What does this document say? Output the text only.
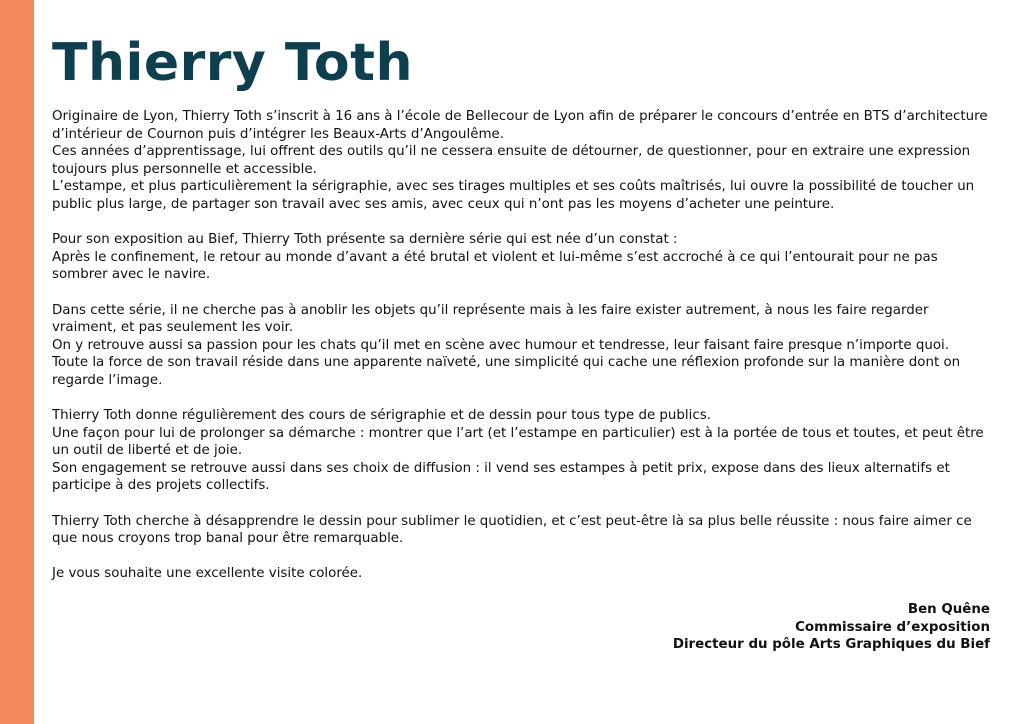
Thierry Toth
Originaire de Lyon, Thierry Toth s’inscrit à 16 ans à l’école de Bellecour de Lyon afin de préparer le concours d’entrée en BTS d’architecture d’intérieur de Cournon puis d’intégrer les Beaux-Arts d’Angoulême.
Ces années d’apprentissage, lui offrent des outils qu’il ne cessera ensuite de détourner, de questionner, pour en extraire une expression toujours plus personnelle et accessible.
L’estampe, et plus particulièrement la sérigraphie, avec ses tirages multiples et ses coûts maîtrisés, lui ouvre la possibilité de toucher un public plus large, de partager son travail avec ses amis, avec ceux qui n’ont pas les moyens d’acheter une peinture.
Pour son exposition au Bief, Thierry Toth présente sa dernière série qui est née d’un constat :
Après le confinement, le retour au monde d’avant a été brutal et violent et lui-même s’est accroché à ce qui l’entourait pour ne pas sombrer avec le navire.
Dans cette série, il ne cherche pas à anoblir les objets qu’il représente mais à les faire exister autrement, à nous les faire regarder vraiment, et pas seulement les voir.
On y retrouve aussi sa passion pour les chats qu’il met en scène avec humour et tendresse, leur faisant faire presque n’importe quoi.
Toute la force de son travail réside dans une apparente naïveté, une simplicité qui cache une réflexion profonde sur la manière dont on regarde l’image.
Thierry Toth donne régulièrement des cours de sérigraphie et de dessin pour tous type de publics.
Une façon pour lui de prolonger sa démarche : montrer que l’art (et l’estampe en particulier) est à la portée de tous et toutes, et peut être un outil de liberté et de joie.
Son engagement se retrouve aussi dans ses choix de diffusion : il vend ses estampes à petit prix, expose dans des lieux alternatifs et participe à des projets collectifs.
Thierry Toth cherche à désapprendre le dessin pour sublimer le quotidien, et c’est peut-être là sa plus belle réussite : nous faire aimer ce que nous croyons trop banal pour être remarquable.
Je vous souhaite une excellente visite colorée.
Ben Quêne
Commissaire d’exposition
Directeur du pôle Arts Graphiques du Bief
